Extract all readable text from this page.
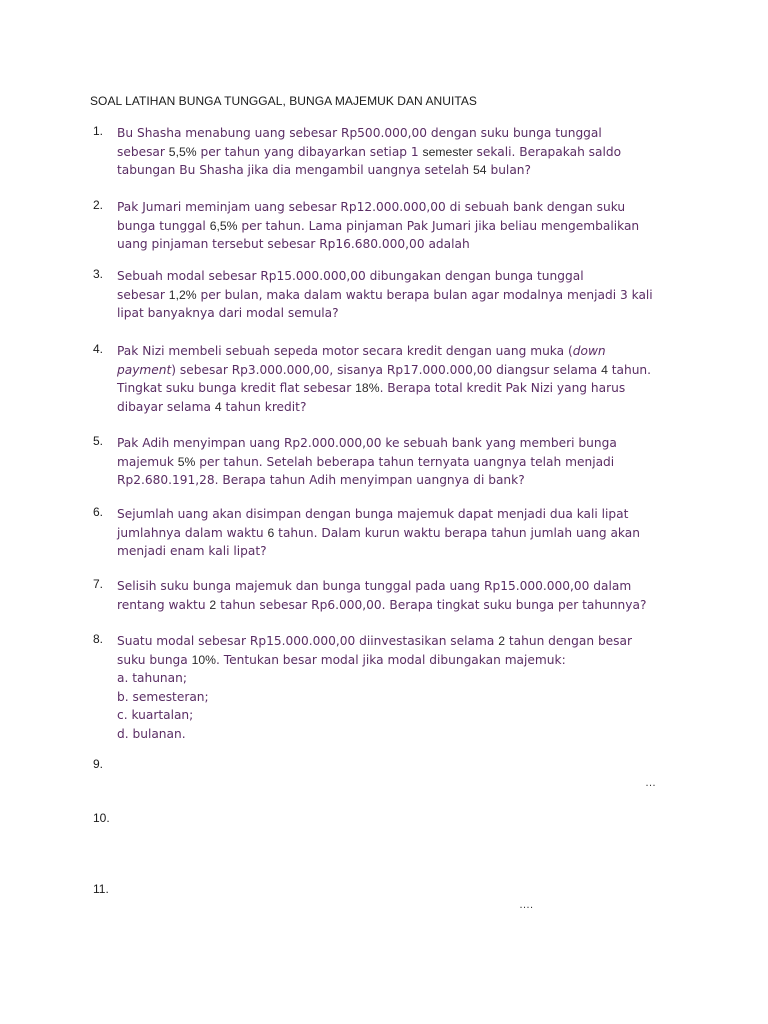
SOAL LATIHAN BUNGA TUNGGAL, BUNGA MAJEMUK DAN ANUITAS
1. Bu Shasha menabung uang sebesar Rp500.000,00 dengan suku bunga tunggal
sebesar 5,5% per tahun yang dibayarkan setiap 1 semester sekali. Berapakah saldo
tabungan Bu Shasha jika dia mengambil uangnya setelah 54 bulan?
2. Pak Jumari meminjam uang sebesar Rp12.000.000,00 di sebuah bank dengan suku
bunga tunggal 6,5% per tahun. Lama pinjaman Pak Jumari jika beliau mengembalikan
uang pinjaman tersebut sebesar Rp16.680.000,00 adalah
3. Sebuah modal sebesar Rp15.000.000,00 dibungakan dengan bunga tunggal
sebesar 1,2% per bulan, maka dalam waktu berapa bulan agar modalnya menjadi 3 kali
lipat banyaknya dari modal semula?
4. Pak Nizi membeli sebuah sepeda motor secara kredit dengan uang muka (down
payment) sebesar Rp3.000.000,00, sisanya Rp17.000.000,00 diangsur selama 4 tahun.
Tingkat suku bunga kredit flat sebesar 18%. Berapa total kredit Pak Nizi yang harus
dibayar selama 4 tahun kredit?
5. Pak Adih menyimpan uang Rp2.000.000,00 ke sebuah bank yang memberi bunga
majemuk 5% per tahun. Setelah beberapa tahun ternyata uangnya telah menjadi
Rp2.680.191,28. Berapa tahun Adih menyimpan uangnya di bank?
6. Sejumlah uang akan disimpan dengan bunga majemuk dapat menjadi dua kali lipat
jumlahnya dalam waktu 6 tahun. Dalam kurun waktu berapa tahun jumlah uang akan
menjadi enam kali lipat?
7. Selisih suku bunga majemuk dan bunga tunggal pada uang Rp15.000.000,00 dalam
rentang waktu 2 tahun sebesar Rp6.000,00. Berapa tingkat suku bunga per tahunnya?
8. Suatu modal sebesar Rp15.000.000,00 diinvestasikan selama 2 tahun dengan besar
suku bunga 10%. Tentukan besar modal jika modal dibungakan majemuk:
a. tahunan;
b. semesteran;
c. kuartalan;
d. bulanan.
9.
10.
11.
…
….
